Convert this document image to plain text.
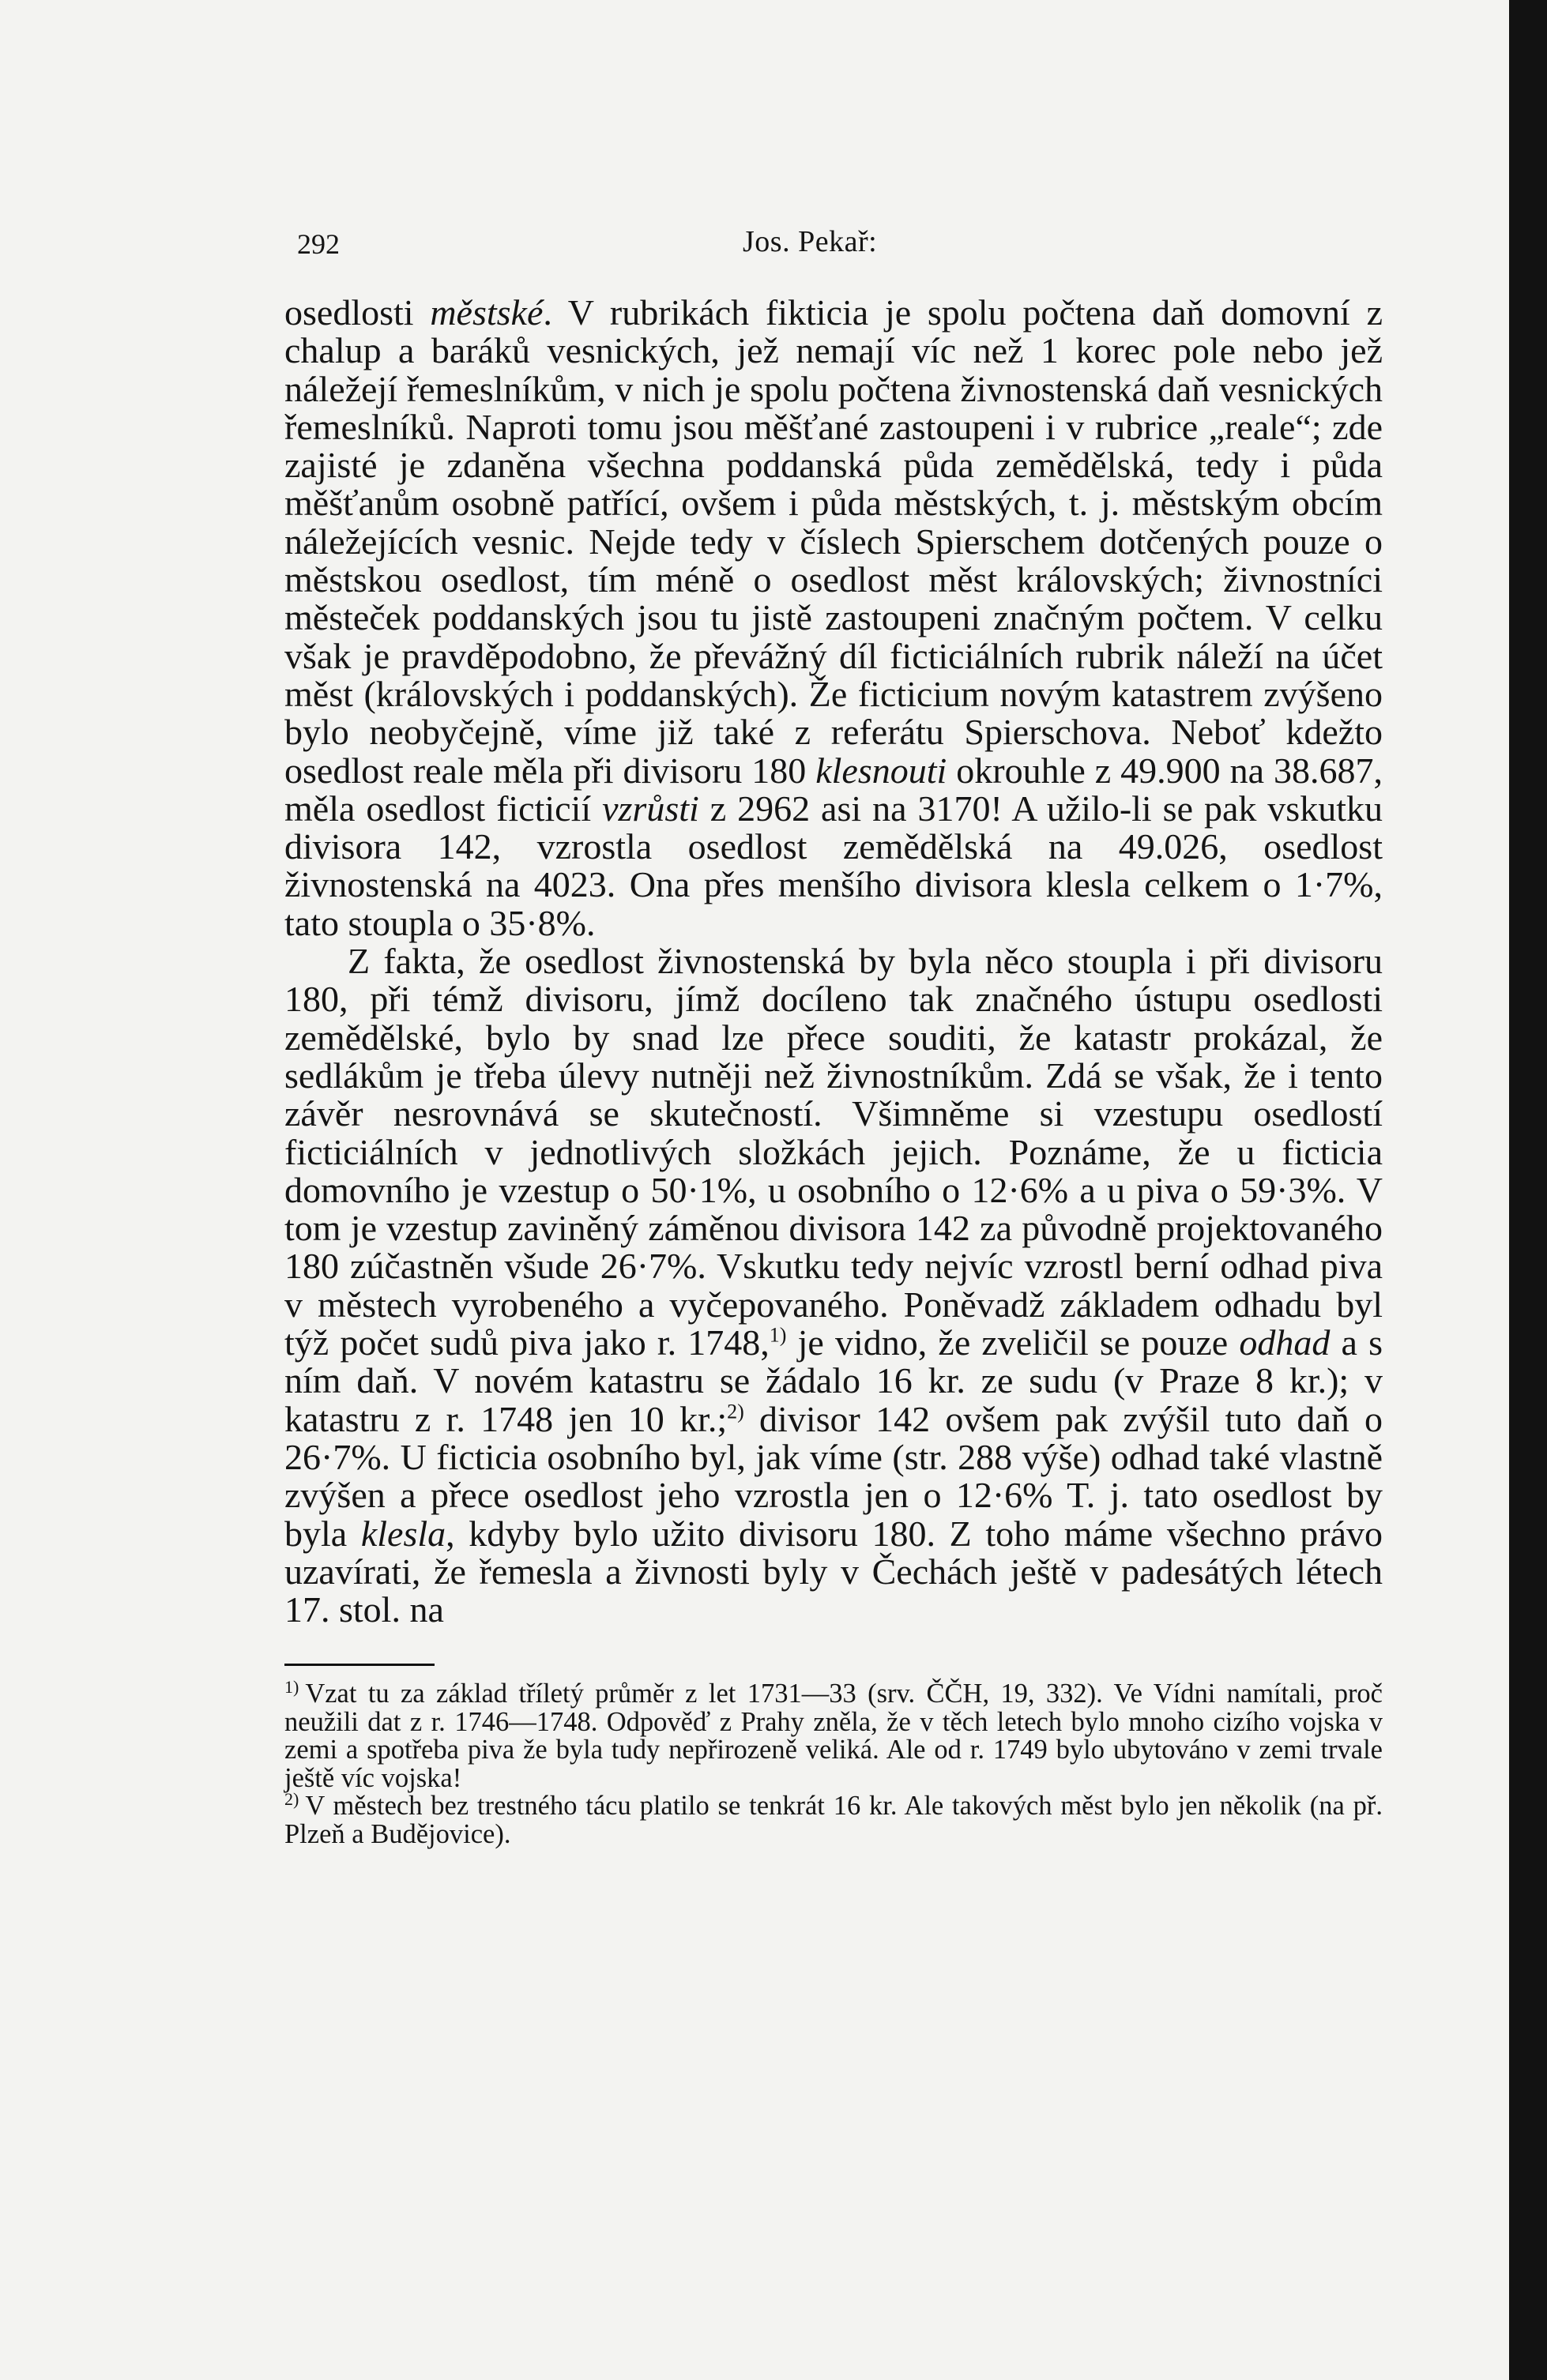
292	Jos. Pekař:

osedlosti městské. V rubrikách fikticia je spolu počtena daň domovní z chalup a baráků vesnických, jež nemají víc než 1 korec pole nebo jež náležejí řemeslníkům, v nich je spolu počtena živnostenská daň vesnických řemeslníků. Naproti tomu jsou měšťané zastoupeni i v rubrice „reale“; zde zajisté je zdaněna všechna poddanská půda zemědělská, tedy i půda měšťanům osobně patřící, ovšem i půda městských, t. j. městským obcím náležejících vesnic. Nejde tedy v číslech Spierschem dotčených pouze o městskou osedlost, tím méně o osedlost měst královských; živnostníci městeček poddanských jsou tu jistě zastoupeni značným počtem. V celku však je pravděpodobno, že převážný díl ficticiálních rubrik náleží na účet měst (královských i poddanských). Že ficticium novým katastrem zvýšeno bylo neobyčejně, víme již také z referátu Spierschova. Neboť kdežto osedlost reale měla při divisoru 180 klesnouti okrouhle z 49.900 na 38.687, měla osedlost ficticií vzrůsti z 2962 asi na 3170! A užilo-li se pak vskutku divisora 142, vzrostla osedlost zemědělská na 49.026, osedlost živnostenská na 4023. Ona přes menšího divisora klesla celkem o 1·7%, tato stoupla o 35·8%.

Z fakta, že osedlost živnostenská by byla něco stoupla i při divisoru 180, při témž divisoru, jímž docíleno tak značného ústupu osedlosti zemědělské, bylo by snad lze přece souditi, že katastr prokázal, že sedlákům je třeba úlevy nutněji než živnostníkům. Zdá se však, že i tento závěr nesrovnává se skutečností. Všimněme si vzestupu osedlostí ficticiálních v jednotlivých složkách jejich. Poznáme, že u ficticia domovního je vzestup o 50·1%, u osobního o 12·6% a u piva o 59·3%. V tom je vzestup zaviněný záměnou divisora 142 za původně projektovaného 180 zúčastněn všude 26·7%. Vskutku tedy nejvíc vzrostl berní odhad piva v městech vyrobeného a vyčepovaného. Poněvadž základem odhadu byl týž počet sudů piva jako r. 1748,$^{1)}$ je vidno, že zveličil se pouze odhad a s ním daň. V novém katastru se žádalo 16 kr. ze sudu (v Praze 8 kr.); v katastru z r. 1748 jen 10 kr.;$^{2)}$ divisor 142 ovšem pak zvýšil tuto daň o 26·7%. U ficticia osobního byl, jak víme (str. 288 výše) odhad také vlastně zvýšen a přece osedlost jeho vzrostla jen o 12·6% T. j. tato osedlost by byla klesla, kdyby bylo užito divisoru 180. Z toho máme všechno právo uzavírati, že řemesla a živnosti byly v Čechách ještě v padesátých létech 17. stol. na

1) Vzat tu za základ tříletý průměr z let 1731—33 (srv. ČČH, 19, 332). Ve Vídni namítali, proč neužili dat z r. 1746—1748. Odpověď z Prahy zněla, že v těch letech bylo mnoho cizího vojska v zemi a spotřeba piva že byla tudy nepřirozeně veliká. Ale od r. 1749 bylo ubytováno v zemi trvale ještě víc vojska!

2) V městech bez trestného tácu platilo se tenkrát 16 kr. Ale takových měst bylo jen několik (na př. Plzeň a Budějovice).
